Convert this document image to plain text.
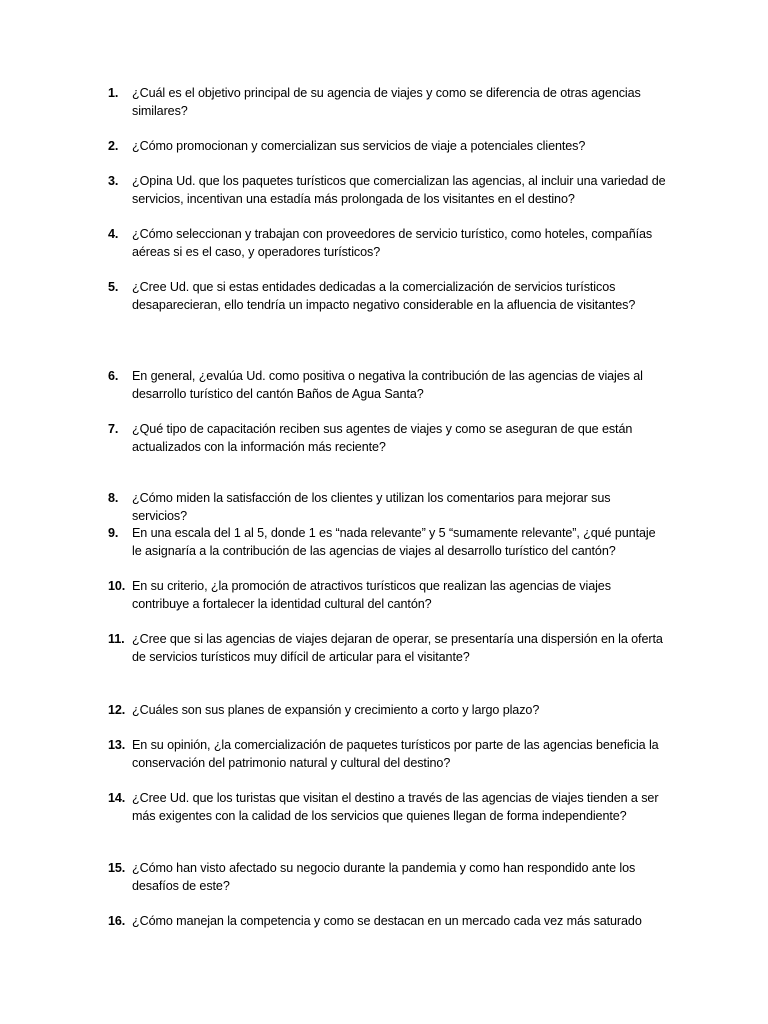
1.	¿Cuál es el objetivo principal de su agencia de viajes y como se diferencia de otras agencias similares?
2.	¿Cómo promocionan y comercializan sus servicios de viaje a potenciales clientes?
3.	¿Opina Ud. que los paquetes turísticos que comercializan las agencias, al incluir una variedad de servicios, incentivan una estadía más prolongada de los visitantes en el destino?
4.	¿Cómo seleccionan y trabajan con proveedores de servicio turístico, como hoteles, compañías aéreas si es el caso, y operadores turísticos?
5.	¿Cree Ud. que si estas entidades dedicadas a la comercialización de servicios turísticos desaparecieran, ello tendría un impacto negativo considerable en la afluencia de visitantes?
6.	En general, ¿evalúa Ud. como positiva o negativa la contribución de las agencias de viajes al desarrollo turístico del cantón Baños de Agua Santa?
7.	¿Qué tipo de capacitación reciben sus agentes de viajes y como se aseguran de que están actualizados con la información más reciente?
8.	¿Cómo miden la satisfacción de los clientes y utilizan los comentarios para mejorar sus servicios?
9.	En una escala del 1 al 5, donde 1 es “nada relevante” y 5 “sumamente relevante”, ¿qué puntaje le asignaría a la contribución de las agencias de viajes al desarrollo turístico del cantón?
10. En su criterio, ¿la promoción de atractivos turísticos que realizan las agencias de viajes contribuye a fortalecer la identidad cultural del cantón?
11. ¿Cree que si las agencias de viajes dejaran de operar, se presentaría una dispersión en la oferta de servicios turísticos muy difícil de articular para el visitante?
12. ¿Cuáles son sus planes de expansión y crecimiento a corto y largo plazo?
13. En su opinión, ¿la comercialización de paquetes turísticos por parte de las agencias beneficia la conservación del patrimonio natural y cultural del destino?
14. ¿Cree Ud. que los turistas que visitan el destino a través de las agencias de viajes tienden a ser más exigentes con la calidad de los servicios que quienes llegan de forma independiente?
15. ¿Cómo han visto afectado su negocio durante la pandemia y como han respondido ante los desafíos de este?
16. ¿Cómo manejan la competencia y como se destacan en un mercado cada vez más saturado
